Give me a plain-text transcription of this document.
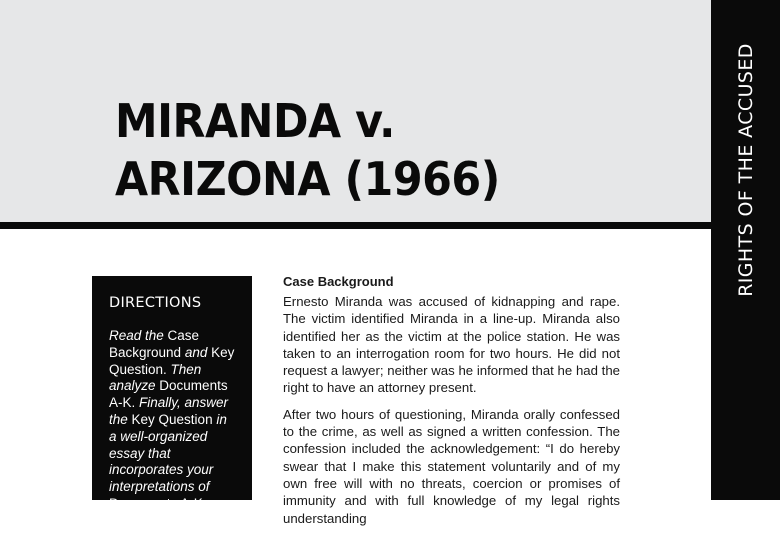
MIRANDA v.
ARIZONA (1966)	RIGHTS OF THE ACCUSED
DIRECTIONS

Read the Case Background and Key Question. Then analyze Documents A-K. Finally, answer the Key Question in a well-organized essay that incorporates your interpretations of Documents A-K,

Case Background

Ernesto Miranda was accused of kidnapping and rape. The victim identified Miranda in a line-up. Miranda also identified her as the victim at the police station. He was taken to an interrogation room for two hours. He did not request a lawyer; neither was he informed that he had the right to have an attorney present.

After two hours of questioning, Miranda orally confessed to the crime, as well as signed a written confession. The confession included the acknowledgement: “I do hereby swear that I make this statement voluntarily and of my own free will with no threats, coercion or promises of immunity and with full knowledge of my legal rights understanding
